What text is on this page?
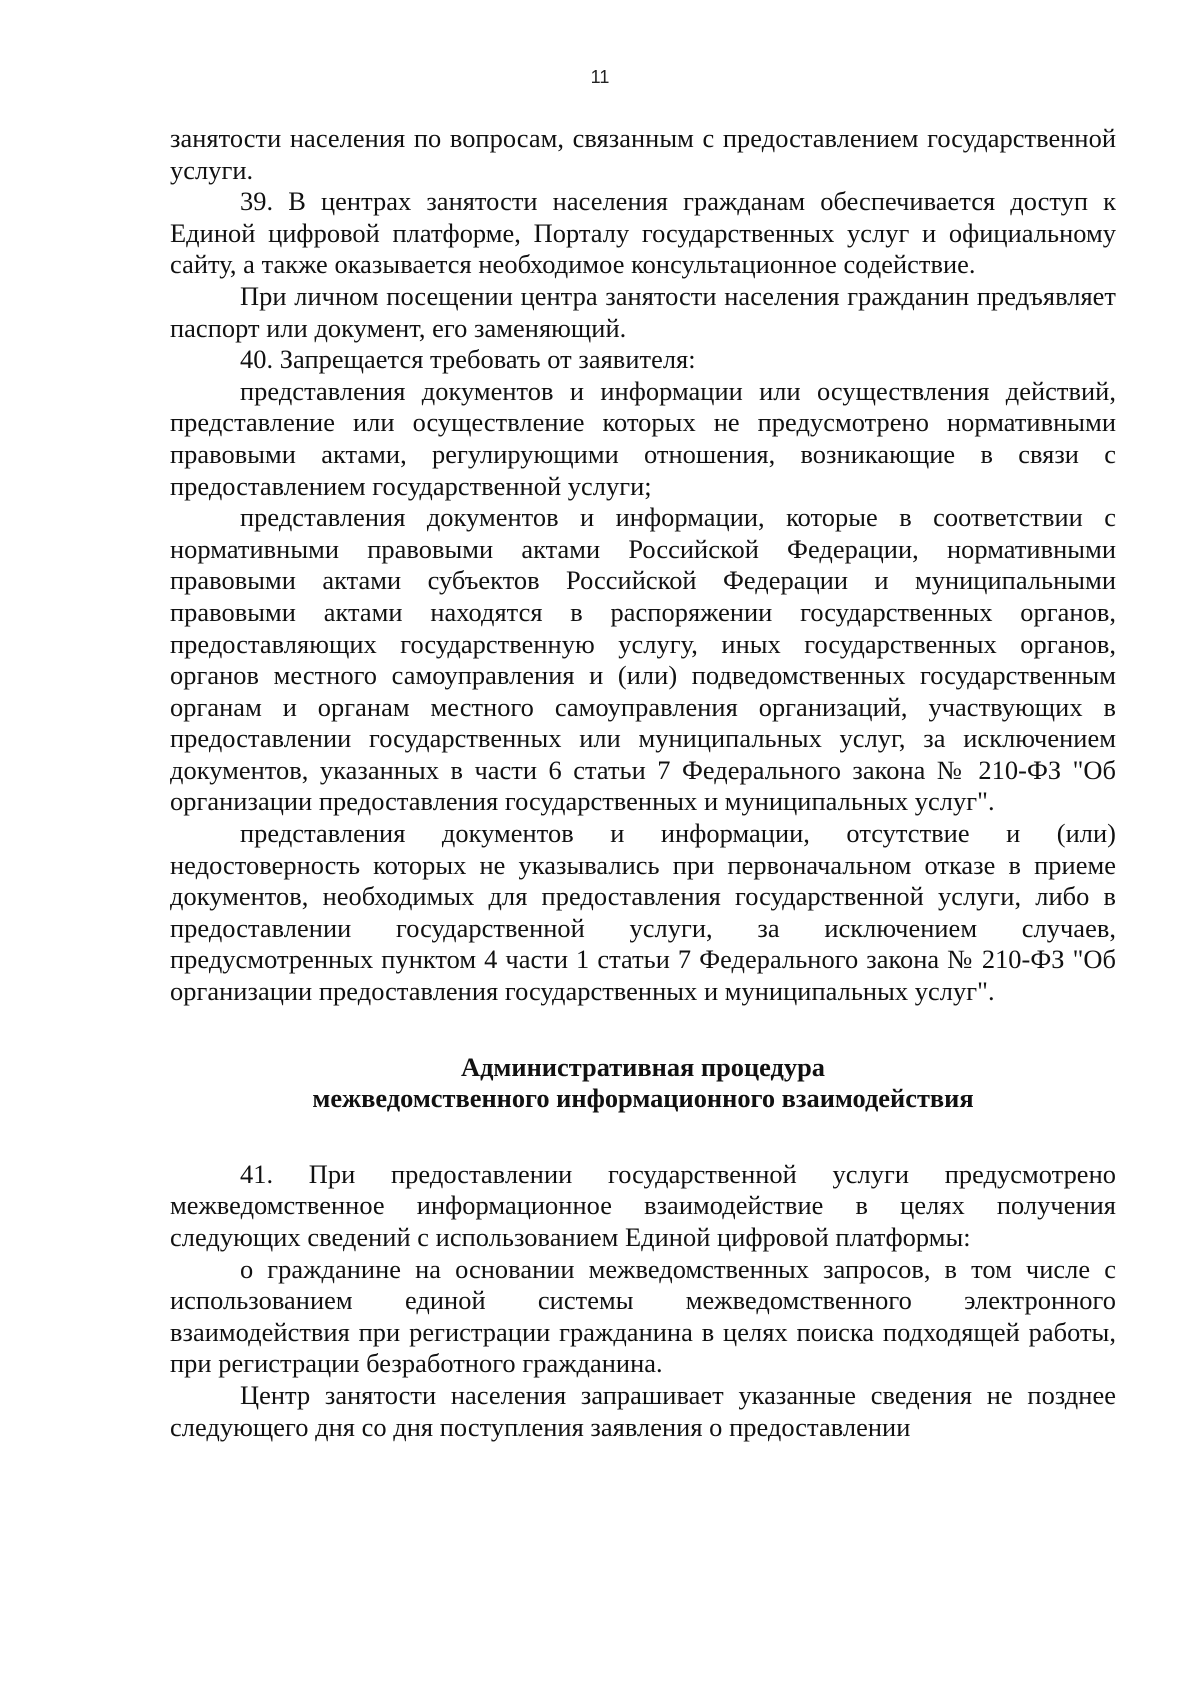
11

занятости населения по вопросам, связанным с предоставлением государственной услуги.

39. В центрах занятости населения гражданам обеспечивается доступ к Единой цифровой платформе, Порталу государственных услуг и официальному сайту, а также оказывается необходимое консультационное содействие.

При личном посещении центра занятости населения гражданин предъявляет паспорт или документ, его заменяющий.

40. Запрещается требовать от заявителя:

представления документов и информации или осуществления действий, представление или осуществление которых не предусмотрено нормативными правовыми актами, регулирующими отношения, возникающие в связи с предоставлением государственной услуги;

представления документов и информации, которые в соответствии с нормативными правовыми актами Российской Федерации, нормативными правовыми актами субъектов Российской Федерации и муниципальными правовыми актами находятся в распоряжении государственных органов, предоставляющих государственную услугу, иных государственных органов, органов местного самоуправления и (или) подведомственных государственным органам и органам местного самоуправления организаций, участвующих в предоставлении государственных или муниципальных услуг, за исключением документов, указанных в части 6 статьи 7 Федерального закона № 210-ФЗ "Об организации предоставления государственных и муниципальных услуг".

представления документов и информации, отсутствие и (или) недостоверность которых не указывались при первоначальном отказе в приеме документов, необходимых для предоставления государственной услуги, либо в предоставлении государственной услуги, за исключением случаев, предусмотренных пунктом 4 части 1 статьи 7 Федерального закона № 210-ФЗ "Об организации предоставления государственных и муниципальных услуг".

Административная процедура
межведомственного информационного взаимодействия

41. При предоставлении государственной услуги предусмотрено межведомственное информационное взаимодействие в целях получения следующих сведений с использованием Единой цифровой платформы:

о гражданине на основании межведомственных запросов, в том числе с использованием единой системы межведомственного электронного взаимодействия при регистрации гражданина в целях поиска подходящей работы, при регистрации безработного гражданина.

Центр занятости населения запрашивает указанные сведения не позднее следующего дня со дня поступления заявления о предоставлении
